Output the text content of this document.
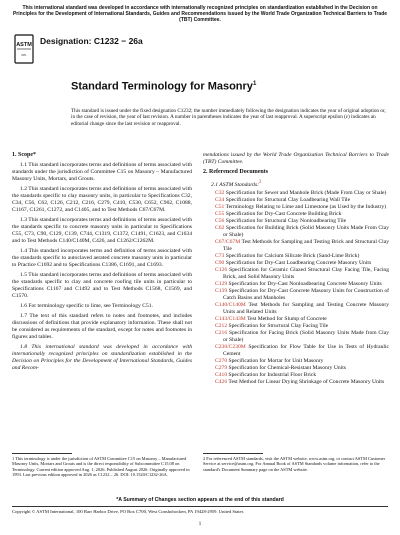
This international standard was developed in accordance with internationally recognized principles on standardization established in the Decision on Principles for the Development of International Standards, Guides and Recommendations issued by the World Trade Organization Technical Barriers to Trade (TBT) Committee.
ASTM
INTL
Designation: C1232 − 26a
Standard Terminology for Masonry$^1$
This standard is issued under the fixed designation C1232; the number immediately following the designation indicates the year of original adoption or, in the case of revision, the year of last revision. A number in parentheses indicates the year of last reapproval. A superscript epsilon (ε) indicates an editorial change since the last revision or reapproval.
1. Scope*

1.1 This standard incorporates terms and definitions of terms associated with standards under the jurisdiction of Committee C15 on Masonry – Manufactured Masonry Units, Mortars, and Grouts.

1.2 This standard incorporates terms and definitions of terms associated with the standards specific to clay masonry units, in particular to Specifications C32, C34, C56, C62, C126, C212, C216, C279, C410, C530, C652, C902, C1088, C1167, C1261, C1272, and C1405, and to Test Methods C67/C67M.

1.3 This standard incorporates terms and definitions of terms associated with the standards specific to concrete masonry units in particular to Specifications C55, C73, C90, C129, C139, C744, C1319, C1372, C1491, C1623, and C1634 and to Test Methods C140/C140M, C426, and C1262/C1262M.

1.4 This standard incorporates terms and definition of terms associated with the standards specific to autoclaved aerated concrete masonry units in particular to Practice C1692 and to Specifications C1386, C1691, and C1693.

1.5 This standard incorporates terms and definitions of terms associated with the standards specific to clay and concrete roofing tile units in particular to Specifications C1167 and C1492 and to Test Methods C1568, C1569, and C1570.

1.6 For terminology specific to lime, see Terminology C51.

1.7 The text of this standard refers to notes and footnotes, and includes discussions of definitions that provide explanatory information. These shall not be considered as requirements of the standard, except for notes and footnotes in figures and tables.

1.8 This international standard was developed in accordance with internationally recognized principles on standardization established in the Decision on Principles for the Development of International Standards, Guides and Recom-

mendations issued by the World Trade Organization Technical Barriers to Trade (TBT) Committee.

2. Referenced Documents
2.1 ASTM Standards:$^2$
C32 Specification for Sewer and Manhole Brick (Made From Clay or Shale)
C34 Specification for Structural Clay Loadbearing Wall Tile
C51 Terminology Relating to Lime and Limestone (as Used by the Industry)
C55 Specification for Dry-Cast Concrete Building Brick
C56 Specification for Structural Clay Nonloadbearing Tile
C62 Specification for Building Brick (Solid Masonry Units Made From Clay or Shale)
C67/C67M Test Methods for Sampling and Testing Brick and Structural Clay Tile
C73 Specification for Calcium Silicate Brick (Sand-Lime Brick)
C90 Specification for Dry-Cast Loadbearing Concrete Masonry Units
C126 Specification for Ceramic Glazed Structural Clay Facing Tile, Facing Brick, and Solid Masonry Units
C129 Specification for Dry-Cast Nonloadbearing Concrete Masonry Units
C139 Specification for Dry-Cast Concrete Masonry Units for Construction of Catch Basins and Manholes
C140/C140M Test Methods for Sampling and Testing Concrete Masonry Units and Related Units
C143/C143M Test Method for Slump of Concrete
C212 Specification for Structural Clay Facing Tile
C216 Specification for Facing Brick (Solid Masonry Units Made from Clay or Shale)
C230/C230M Specification for Flow Table for Use in Tests of Hydraulic Cement
C270 Specification for Mortar for Unit Masonry
C279 Specification for Chemical-Resistant Masonry Units
C410 Specification for Industrial Floor Brick
C426 Test Method for Linear Drying Shrinkage of Concrete Masonry Units
1 This terminology is under the jurisdiction of ASTM Committee C15 on Masonry – Manufactured Masonry Units, Mortars and Grouts and is the direct responsibility of Subcommittee C15.08 on Terminology. Current edition approved Aug. 1, 2026. Published August 2026. Originally approved in 1993. Last previous edition approved in 2026 as C1232 – 26. DOI: 10.1520/C1232-26A.
2 For referenced ASTM standards, visit the ASTM website, www.astm.org, or contact ASTM Customer Service at service@astm.org. For Annual Book of ASTM Standards volume information, refer to the standard's Document Summary page on the ASTM website.
*A Summary of Changes section appears at the end of this standard
Copyright © ASTM International, 100 Barr Harbor Drive, PO Box C700, West Conshohocken, PA 19428-2959. United States
1
